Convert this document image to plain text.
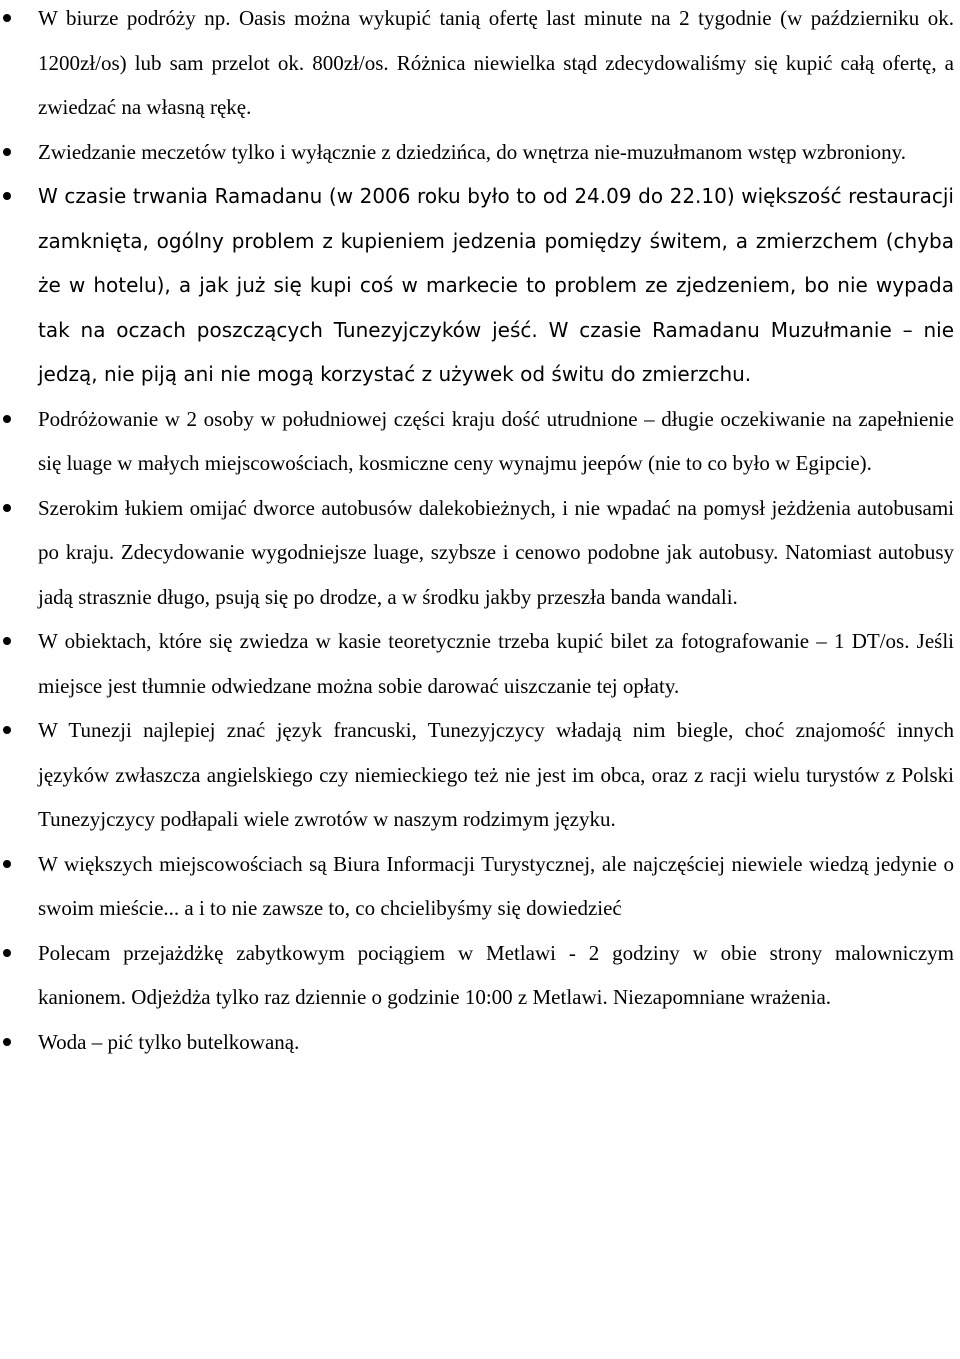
W biurze podróży np. Oasis można wykupić tanią ofertę last minute na 2 tygodnie (w październiku ok. 1200zł/os) lub sam przelot ok. 800zł/os. Różnica niewielka stąd zdecydowaliśmy się kupić całą ofertę, a zwiedzać na własną rękę.
Zwiedzanie meczetów tylko i wyłącznie z dziedzińca, do wnętrza nie-muzułmanom wstęp wzbroniony.
W czasie trwania Ramadanu (w 2006 roku było to od 24.09 do 22.10) większość restauracji zamknięta, ogólny problem z kupieniem jedzenia pomiędzy świtem, a zmierzchem (chyba że w hotelu), a jak już się kupi coś w markecie to problem ze zjedzeniem, bo nie wypada tak na oczach poszczących Tunezyjczyków jeść. W czasie Ramadanu Muzułmanie – nie jedzą, nie piją ani nie mogą korzystać z używek od świtu do zmierzchu.
Podróżowanie w 2 osoby w południowej części kraju dość utrudnione – długie oczekiwanie na zapełnienie się luage w małych miejscowościach, kosmiczne ceny wynajmu jeepów (nie to co było w Egipcie).
Szerokim łukiem omijać dworce autobusów dalekobieżnych, i nie wpadać na pomysł jeżdżenia autobusami po kraju. Zdecydowanie wygodniejsze luage, szybsze i cenowo podobne jak autobusy. Natomiast autobusy jadą strasznie długo, psują się po drodze, a w środku jakby przeszła banda wandali.
W obiektach, które się zwiedza w kasie teoretycznie trzeba kupić bilet za fotografowanie – 1 DT/os. Jeśli miejsce jest tłumnie odwiedzane można sobie darować uiszczanie tej opłaty.
W Tunezji najlepiej znać język francuski, Tunezyjczycy władają nim biegle, choć znajomość innych języków zwłaszcza angielskiego czy niemieckiego też nie jest im obca, oraz z racji wielu turystów z Polski Tunezyjczycy podłapali wiele zwrotów w naszym rodzimym języku.
W większych miejscowościach są Biura Informacji Turystycznej, ale najczęściej niewiele wiedzą jedynie o swoim mieście... a i to nie zawsze to, co chcielibyśmy się dowiedzieć
Polecam przejażdżkę zabytkowym pociągiem w Metlawi - 2 godziny w obie strony malowniczym kanionem. Odjeżdża tylko raz dziennie o godzinie 10:00 z Metlawi. Niezapomniane wrażenia.
Woda – pić tylko butelkowaną.
